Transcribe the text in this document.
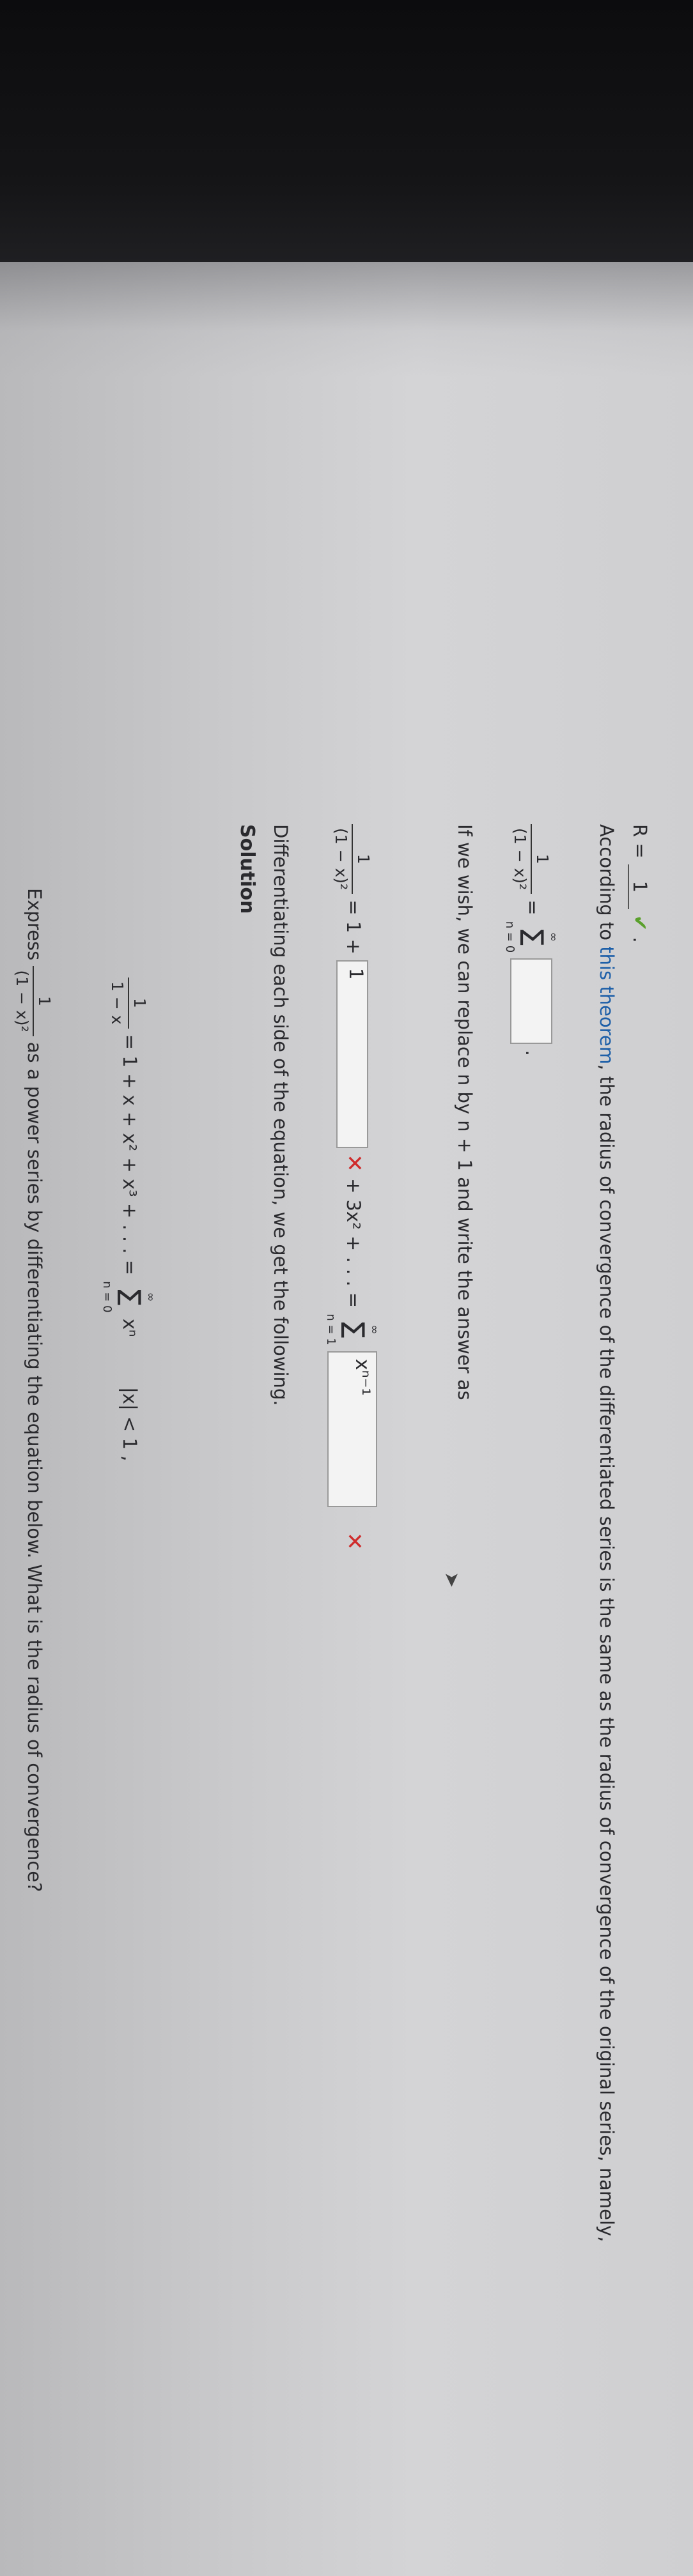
Express
1
(1 − x)²
as a power series by differentiating the equation below. What is the radius of convergence?
1
1 − x
= 1 + x + x² + x³ + . . . =
∞
Σ
n = 0
xⁿ  |x| < 1 ,
Solution Differentiating each side of the equation, we get the following.	1
(1 − x)²
= 1 + 1 ✕ + 3x² + . . . =
∞
Σ
n = 1
xⁿ⁻¹ ✕
If we wish, we can replace n by n + 1 and write the answer as	1
(1 − x)²
=
∞
Σ
n = 0
.
According to this theorem, the radius of convergence of the differentiated series is the same as the radius of convergence of the original series, namely,
R = 1 ✔ .
➤
